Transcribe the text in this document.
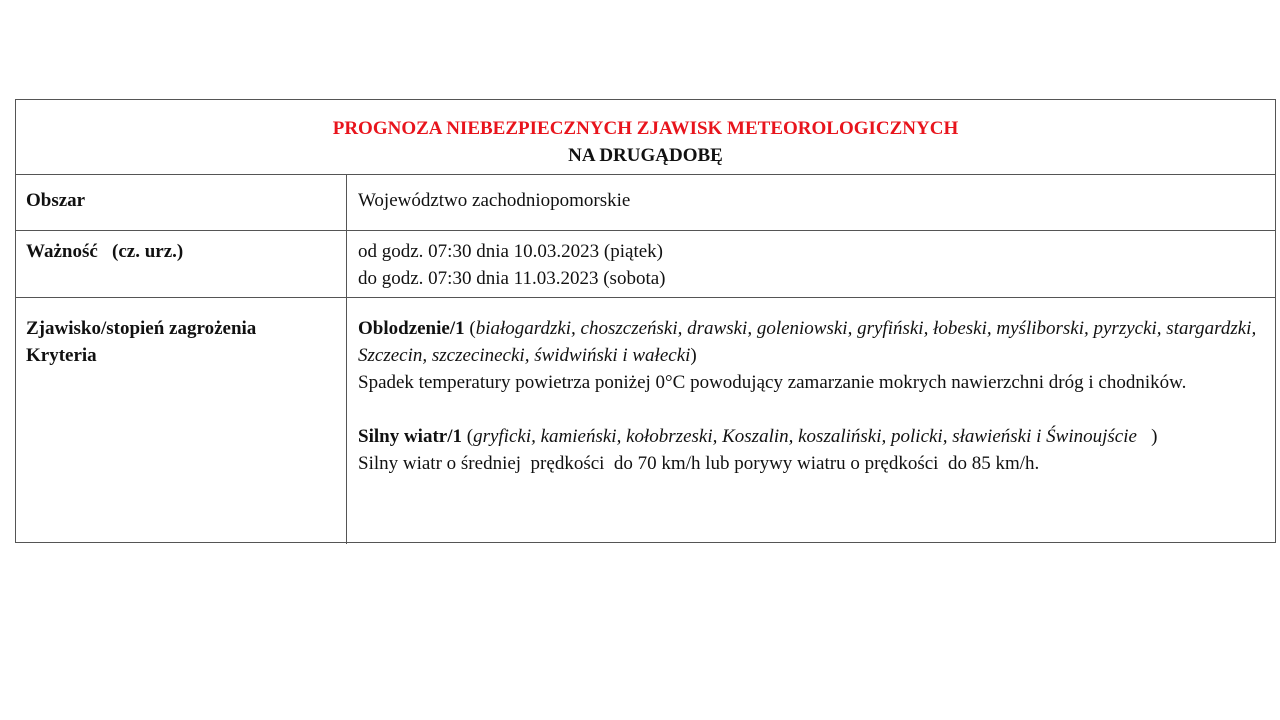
PROGNOZA NIEBEZPIECZNYCH ZJAWISK METEOROLOGICZNYCH
NA DRUGĄDOBĘ
Obszar	Województwo zachodniopomorskie
Ważność   (cz. urz.)	od godz. 07:30 dnia 10.03.2023 (piątek)
do godz. 07:30 dnia 11.03.2023 (sobota)
Zjawisko/stopień zagrożenia
Kryteria
Oblodzenie/1 (białogardzki, choszczeński, drawski, goleniowski, gryfiński, łobeski, myśliborski, pyrzycki, stargardzki, Szczecin, szczecinecki, świdwiński i wałecki)
Spadek temperatury powietrza poniżej 0°C powodujący zamarzanie mokrych nawierzchni dróg i chodników.
Silny wiatr/1 (gryficki, kamieński, kołobrzeski, Koszalin, koszaliński, policki, sławieński i Świnoujście   )
Silny wiatr o średniej  prędkości  do 70 km/h lub porywy wiatru o prędkości  do 85 km/h.
